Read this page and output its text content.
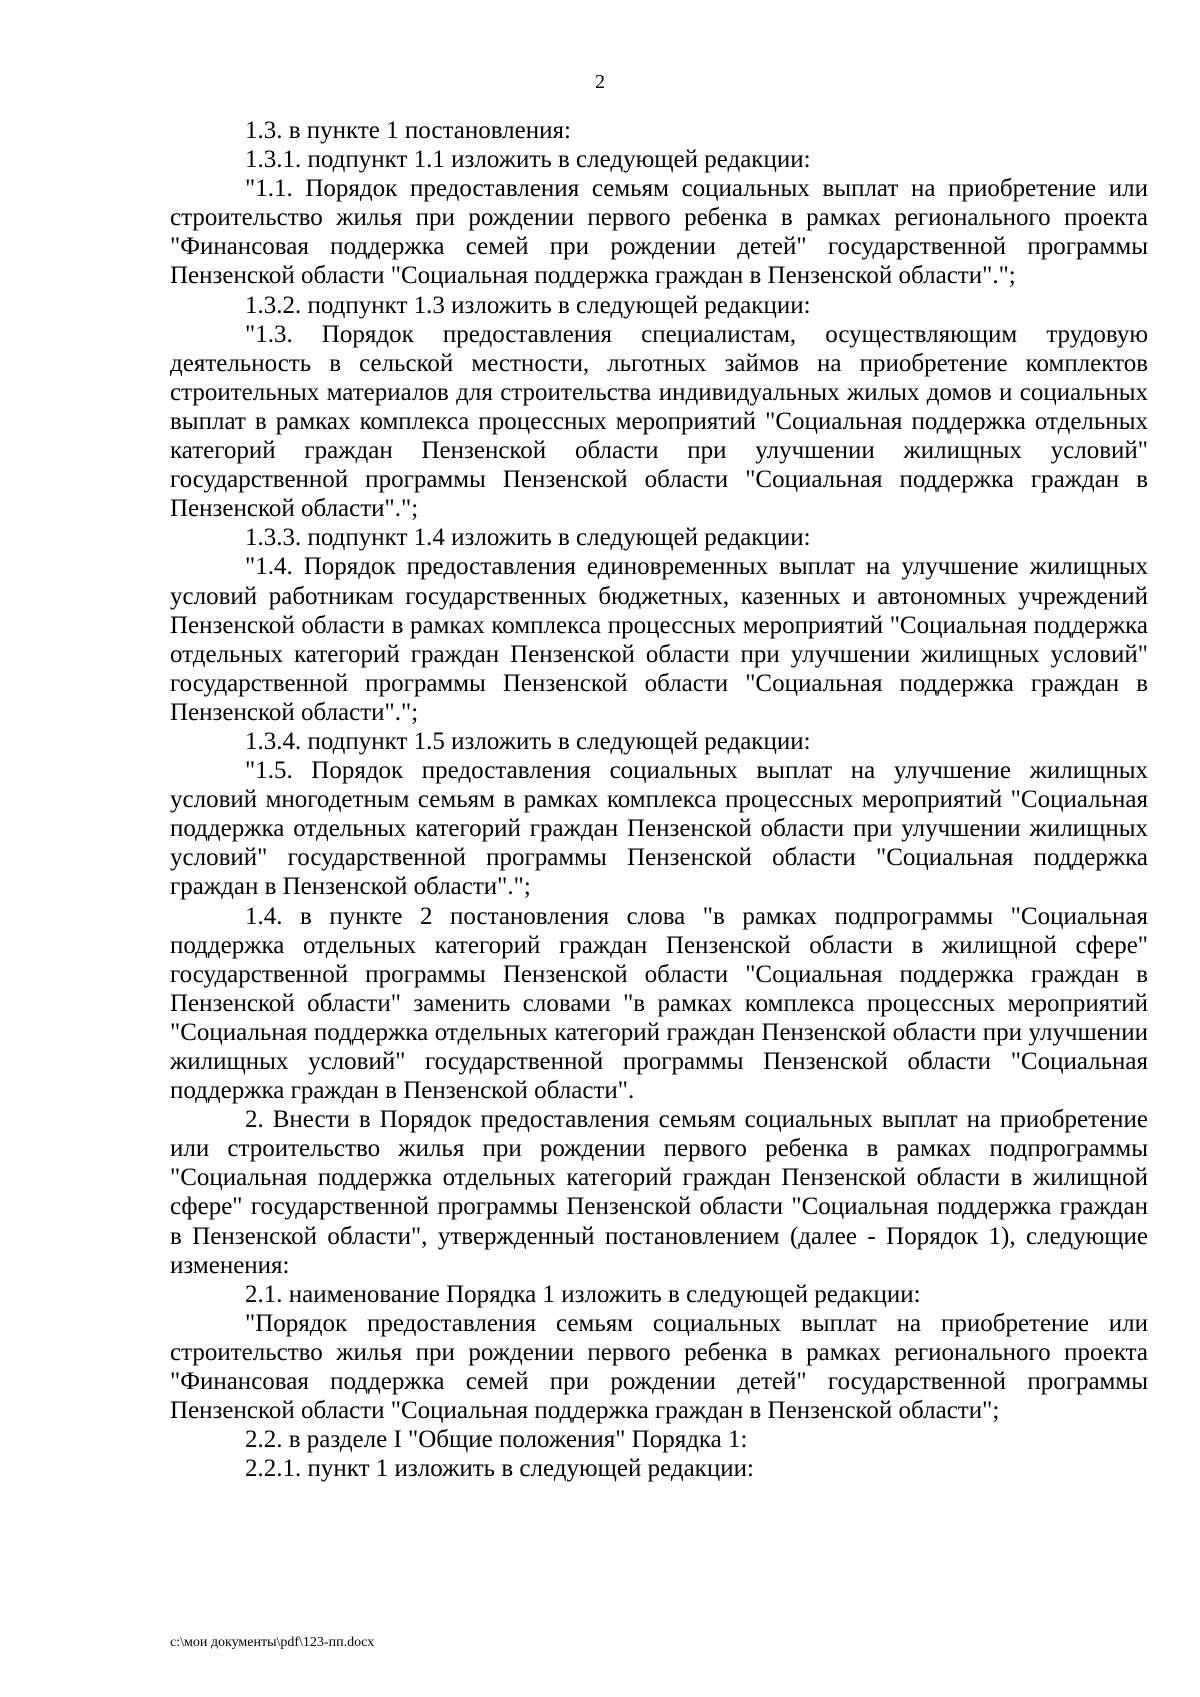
2

1.3. в пункте 1 постановления:

1.3.1. подпункт 1.1 изложить в следующей редакции:

"1.1. Порядок предоставления семьям социальных выплат на приобретение или строительство жилья при рождении первого ребенка в рамках регионального проекта "Финансовая поддержка семей при рождении детей" государственной программы Пензенской области "Социальная поддержка граждан в Пензенской области".";

1.3.2. подпункт 1.3 изложить в следующей редакции:

"1.3. Порядок предоставления специалистам, осуществляющим трудовую деятельность в сельской местности, льготных займов на приобретение комплектов строительных материалов для строительства индивидуальных жилых домов и социальных выплат в рамках комплекса процессных мероприятий "Социальная поддержка отдельных категорий граждан Пензенской области при улучшении жилищных условий" государственной программы Пензенской области "Социальная поддержка граждан в Пензенской области".";

1.3.3. подпункт 1.4 изложить в следующей редакции:

"1.4. Порядок предоставления единовременных выплат на улучшение жилищных условий работникам государственных бюджетных, казенных и автономных учреждений Пензенской области в рамках комплекса процессных мероприятий "Социальная поддержка отдельных категорий граждан Пензенской области при улучшении жилищных условий" государственной программы Пензенской области "Социальная поддержка граждан в Пензенской области".";

1.3.4. подпункт 1.5 изложить в следующей редакции:

"1.5. Порядок предоставления социальных выплат на улучшение жилищных условий многодетным семьям в рамках комплекса процессных мероприятий "Социальная поддержка отдельных категорий граждан Пензенской области при улучшении жилищных условий" государственной программы Пензенской области "Социальная поддержка граждан в Пензенской области".";

1.4. в пункте 2 постановления слова "в рамках подпрограммы "Социальная поддержка отдельных категорий граждан Пензенской области в жилищной сфере" государственной программы Пензенской области "Социальная поддержка граждан в Пензенской области" заменить словами "в рамках комплекса процессных мероприятий "Социальная поддержка отдельных категорий граждан Пензенской области при улучшении жилищных условий" государственной программы Пензенской области "Социальная поддержка граждан в Пензенской области".

2. Внести в Порядок предоставления семьям социальных выплат на приобретение или строительство жилья при рождении первого ребенка в рамках подпрограммы "Социальная поддержка отдельных категорий граждан Пензенской области в жилищной сфере" государственной программы Пензенской области "Социальная поддержка граждан в Пензенской области", утвержденный постановлением (далее - Порядок 1), следующие изменения:

2.1. наименование Порядка 1 изложить в следующей редакции:

"Порядок предоставления семьям социальных выплат на приобретение или строительство жилья при рождении первого ребенка в рамках регионального проекта "Финансовая поддержка семей при рождении детей" государственной программы Пензенской области "Социальная поддержка граждан в Пензенской области";

2.2. в разделе I "Общие положения" Порядка 1:

2.2.1. пункт 1 изложить в следующей редакции:

c:\мои документы\pdf\123-пп.docx
